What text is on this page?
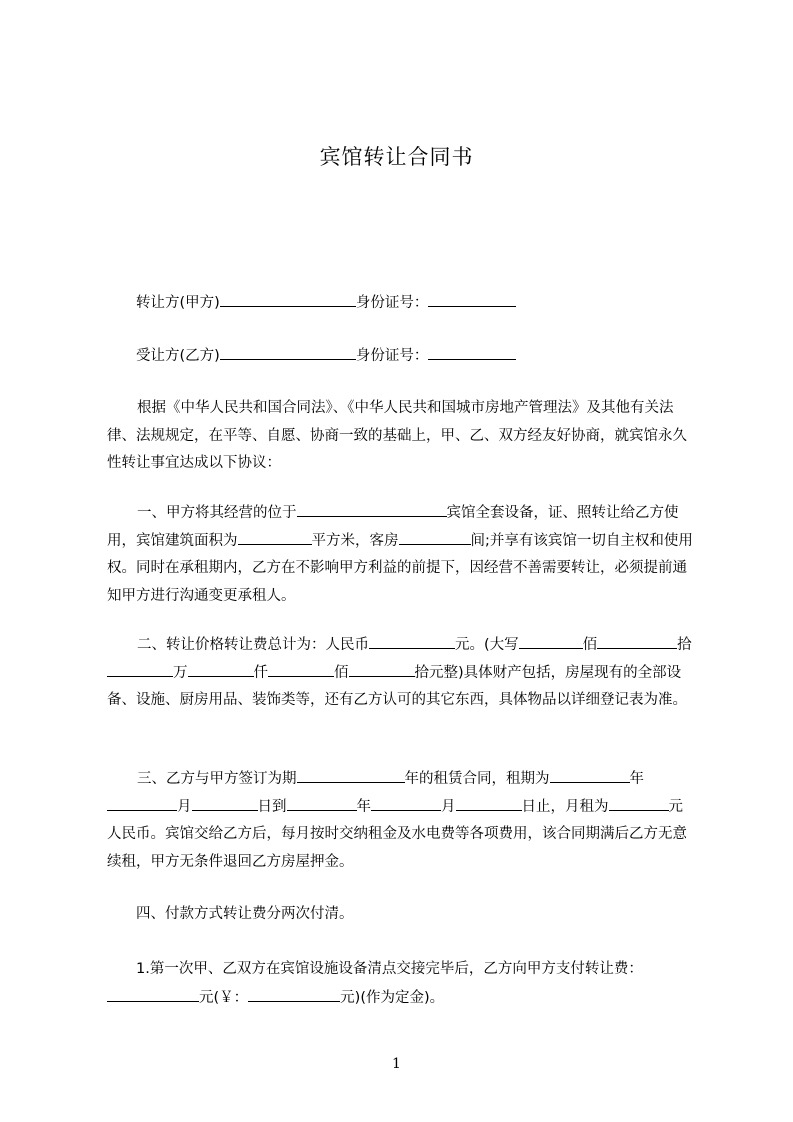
宾馆转让合同书
转让方(甲方)	身份证号：
受让方(乙方)	身份证号：
根据《中华人民共和国合同法》、《中华人民共和国城市房地产管理法》及其他有关法律、法规规定，在平等、自愿、协商一致的基础上，甲、乙、双方经友好协商，就宾馆永久性转让事宜达成以下协议：
一、甲方将其经营的位于	宾馆全套设备，证、照转让给乙方使用，宾馆建筑面积为	平方米，客房	间;并享有该宾馆一切自主权和使用权。同时在承租期内，乙方在不影响甲方利益的前提下，因经营不善需要转让，必须提前通知甲方进行沟通变更承租人。
二、转让价格转让费总计为：人民币	元。(大写	佰	拾万	仟	佰	拾元整)具体财产包括，房屋现有的全部设备、设施、厨房用品、装饰类等，还有乙方认可的其它东西，具体物品以详细登记表为准。
三、乙方与甲方签订为期	年的租赁合同，租期为	年月	日到	年	月	日止，月租为	元人民币。宾馆交给乙方后，每月按时交纳租金及水电费等各项费用，该合同期满后乙方无意续租，甲方无条件退回乙方房屋押金。
四、付款方式转让费分两次付清。
1.第一次甲、乙双方在宾馆设施设备清点交接完毕后，乙方向甲方支付转让费：
元(￥：	元)(作为定金)。
1
